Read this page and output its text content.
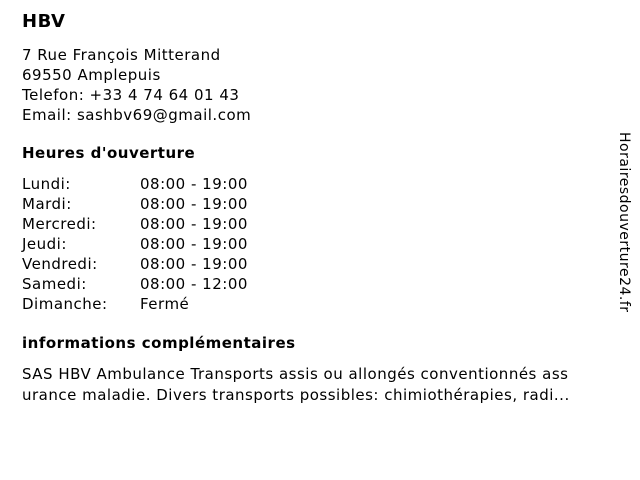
HBV
7 Rue François Mitterand
69550 Amplepuis
Telefon: +33 4 74 64 01 43
Email: sashbv69@gmail.com
Heures d'ouverture
Lundi:	08:00 - 19:00
Mardi:	08:00 - 19:00
Mercredi:	08:00 - 19:00
Jeudi:	08:00 - 19:00
Vendredi:	08:00 - 19:00
Samedi:	08:00 - 12:00
Dimanche:	Fermé
informations complémentaires
SAS HBV Ambulance Transports assis ou allongés conventionnés ass
urance maladie. Divers transports possibles: chimiothérapies, radi...
Horairesdouverture24.fr
